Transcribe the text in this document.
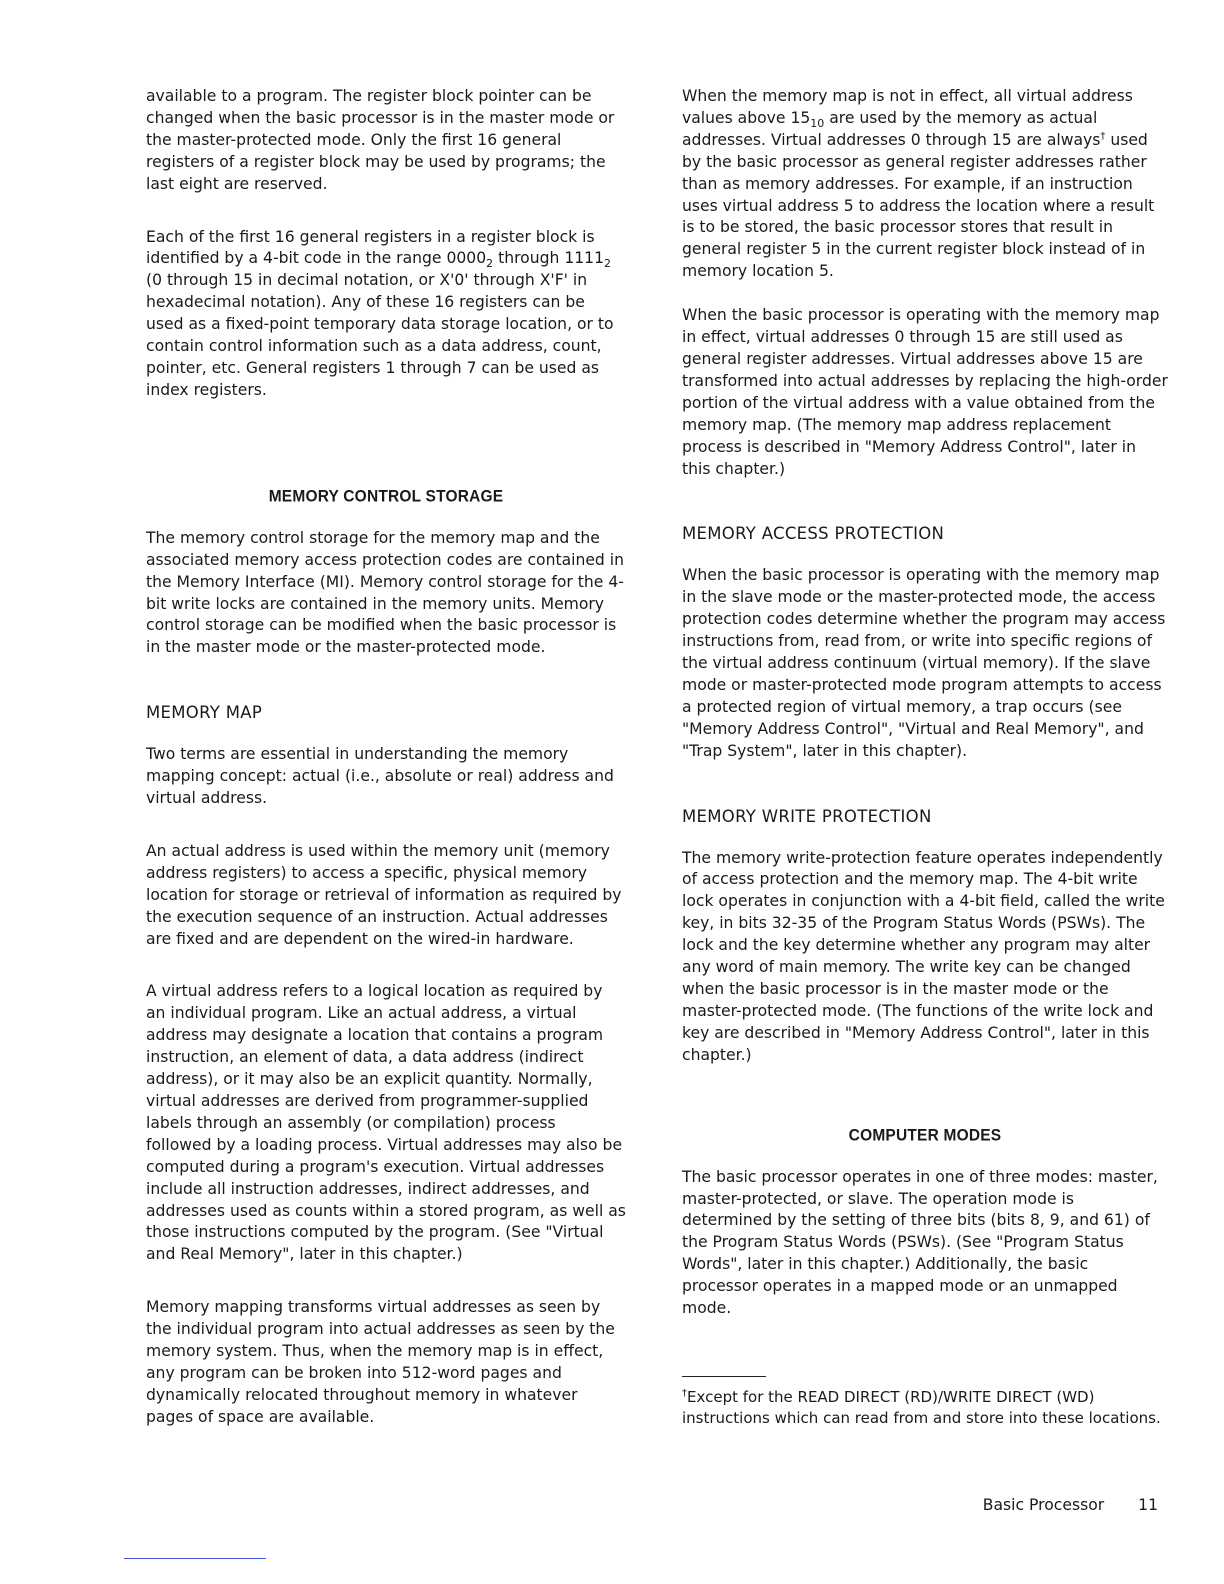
available to a program. The register block pointer can be changed when the basic processor is in the master mode or the master-protected mode. Only the first 16 general registers of a register block may be used by programs; the last eight are reserved.

Each of the first 16 general registers in a register block is identified by a 4-bit code in the range $0000_2$ through $1111_2$ (0 through 15 in decimal notation, or X'0' through X'F' in hexadecimal notation). Any of these 16 registers can be used as a fixed-point temporary data storage location, or to contain control information such as a data address, count, pointer, etc. General registers 1 through 7 can be used as index registers.

MEMORY CONTROL STORAGE

The memory control storage for the memory map and the associated memory access protection codes are contained in the Memory Interface (MI). Memory control storage for the 4-bit write locks are contained in the memory units. Memory control storage can be modified when the basic processor is in the master mode or the master-protected mode.

MEMORY MAP

Two terms are essential in understanding the memory mapping concept: actual (i.e., absolute or real) address and virtual address.

An actual address is used within the memory unit (memory address registers) to access a specific, physical memory location for storage or retrieval of information as required by the execution sequence of an instruction. Actual addresses are fixed and are dependent on the wired-in hardware.

A virtual address refers to a logical location as required by an individual program. Like an actual address, a virtual address may designate a location that contains a program instruction, an element of data, a data address (indirect address), or it may also be an explicit quantity. Normally, virtual addresses are derived from programmer-supplied labels through an assembly (or compilation) process followed by a loading process. Virtual addresses may also be computed during a program's execution. Virtual addresses include all instruction addresses, indirect addresses, and addresses used as counts within a stored program, as well as those instructions computed by the program. (See "Virtual and Real Memory", later in this chapter.)

Memory mapping transforms virtual addresses as seen by the individual program into actual addresses as seen by the memory system. Thus, when the memory map is in effect, any program can be broken into 512-word pages and dynamically relocated throughout memory in whatever pages of space are available.

When the memory map is not in effect, all virtual address values above $15_{10}$ are used by the memory as actual addresses. Virtual addresses 0 through 15 are always† used by the basic processor as general register addresses rather than as memory addresses. For example, if an instruction uses virtual address 5 to address the location where a result is to be stored, the basic processor stores that result in general register 5 in the current register block instead of in memory location 5.

When the basic processor is operating with the memory map in effect, virtual addresses 0 through 15 are still used as general register addresses. Virtual addresses above 15 are transformed into actual addresses by replacing the high-order portion of the virtual address with a value obtained from the memory map. (The memory map address replacement process is described in "Memory Address Control", later in this chapter.)

MEMORY ACCESS PROTECTION

When the basic processor is operating with the memory map in the slave mode or the master-protected mode, the access protection codes determine whether the program may access instructions from, read from, or write into specific regions of the virtual address continuum (virtual memory). If the slave mode or master-protected mode program attempts to access a protected region of virtual memory, a trap occurs (see "Memory Address Control", "Virtual and Real Memory", and "Trap System", later in this chapter).

MEMORY WRITE PROTECTION

The memory write-protection feature operates independently of access protection and the memory map. The 4-bit write lock operates in conjunction with a 4-bit field, called the write key, in bits 32-35 of the Program Status Words (PSWs). The lock and the key determine whether any program may alter any word of main memory. The write key can be changed when the basic processor is in the master mode or the master-protected mode. (The functions of the write lock and key are described in "Memory Address Control", later in this chapter.)

COMPUTER MODES

The basic processor operates in one of three modes: master, master-protected, or slave. The operation mode is determined by the setting of three bits (bits 8, 9, and 61) of the Program Status Words (PSWs). (See "Program Status Words", later in this chapter.) Additionally, the basic processor operates in a mapped mode or an unmapped mode.

†Except for the READ DIRECT (RD)/WRITE DIRECT (WD) instructions which can read from and store into these locations.

Basic Processor 11
